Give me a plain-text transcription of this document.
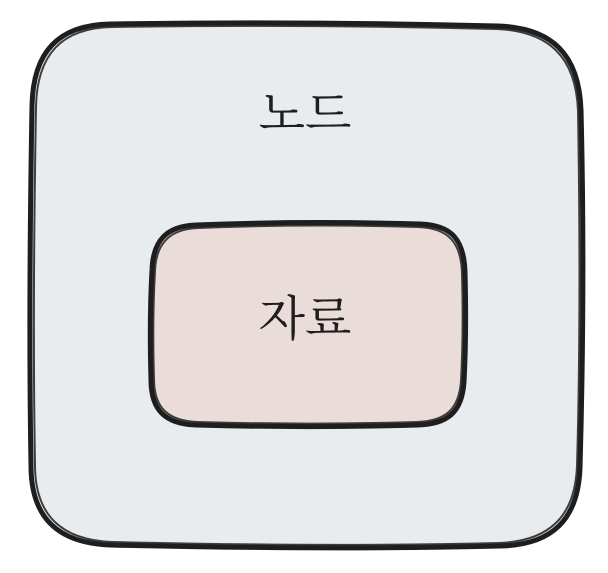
노드
자료
